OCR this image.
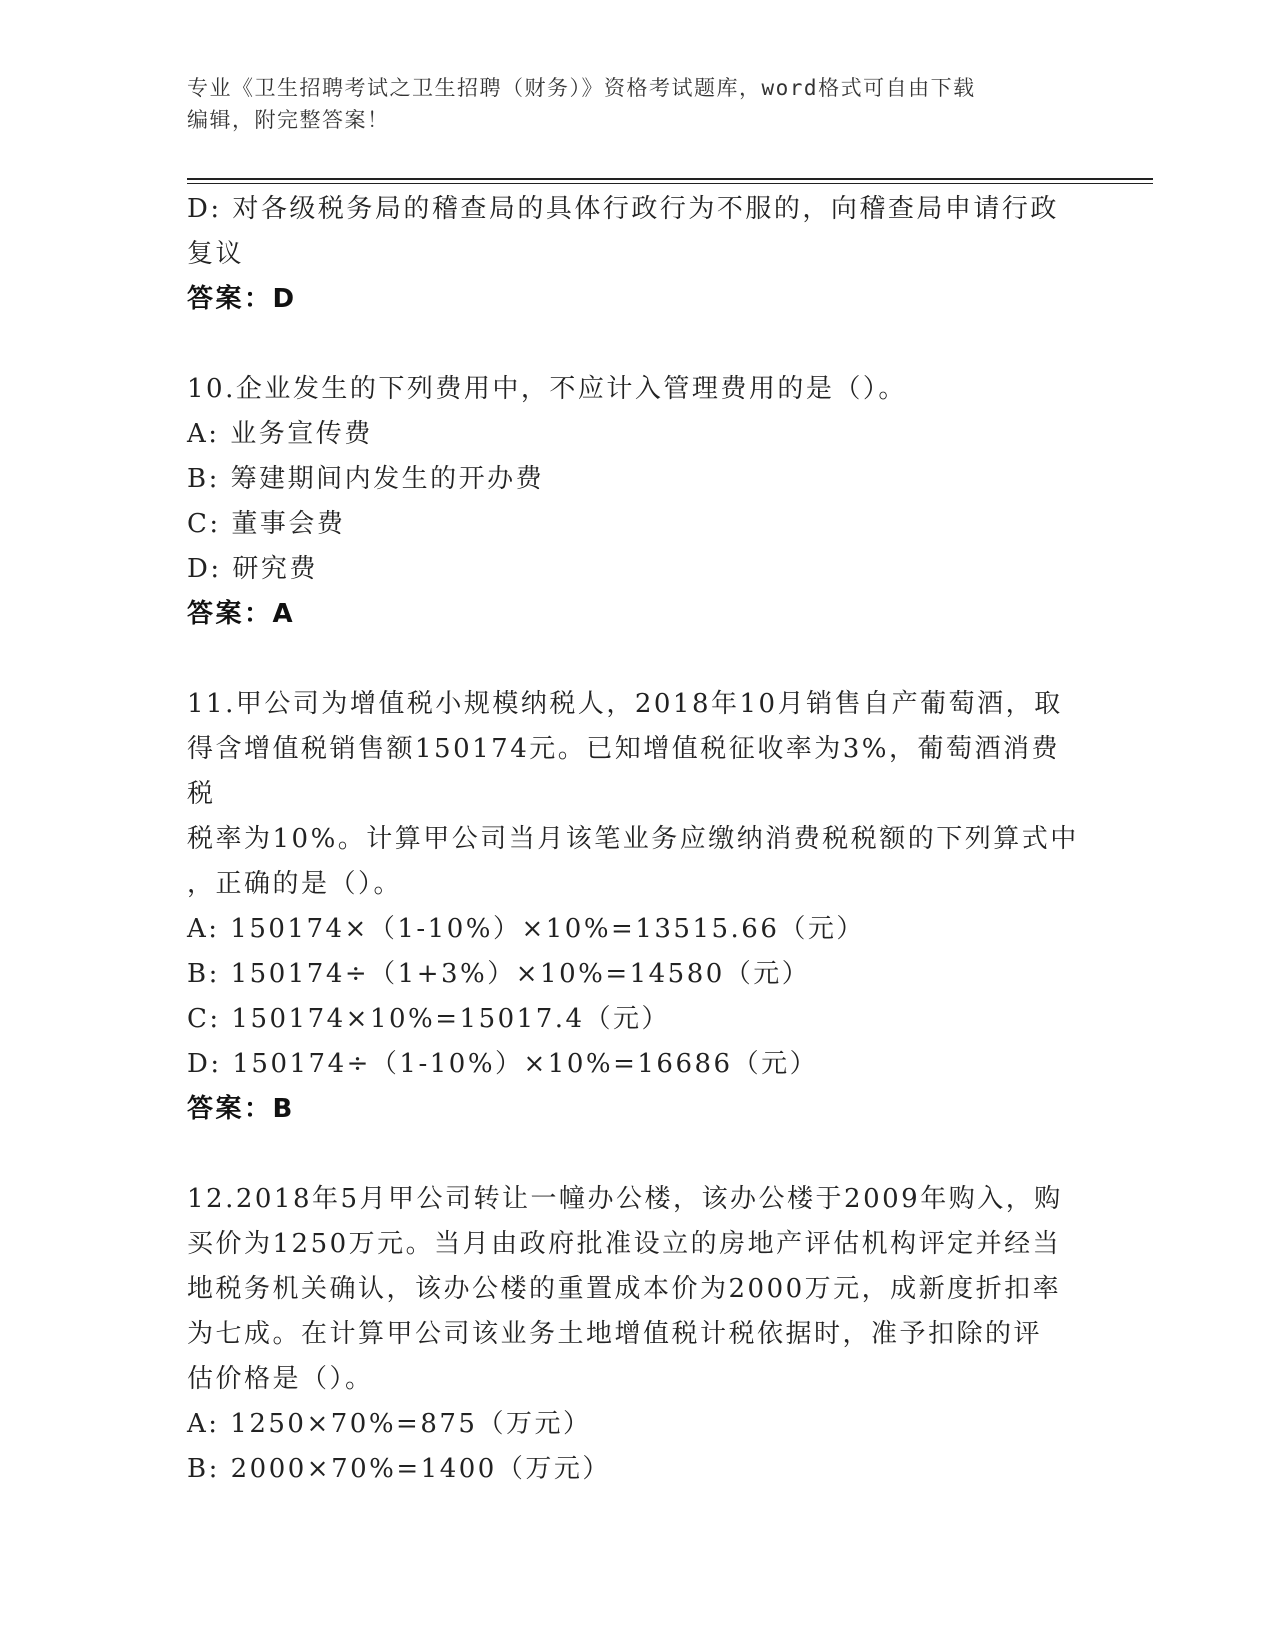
专业《卫生招聘考试之卫生招聘（财务）》资格考试题库，word格式可自由下载
编辑，附完整答案！

D: 对各级税务局的稽查局的具体行政行为不服的，向稽查局申请行政

复议

答案：D

10.企业发生的下列费用中，不应计入管理费用的是（）。

A: 业务宣传费

B: 筹建期间内发生的开办费

C: 董事会费

D: 研究费

答案：A

11.甲公司为增值税小规模纳税人，2018年10月销售自产葡萄酒，取

得含增值税销售额150174元。已知增值税征收率为3%，葡萄酒消费税

税率为10%。计算甲公司当月该笔业务应缴纳消费税税额的下列算式中

，正确的是（）。

A: 150174×（1-10%）×10%=13515.66（元）

B: 150174÷（1+3%）×10%=14580（元）

C: 150174×10%=15017.4（元）

D: 150174÷（1-10%）×10%=16686（元）

答案：B

12.2018年5月甲公司转让一幢办公楼，该办公楼于2009年购入，购

买价为1250万元。当月由政府批准设立的房地产评估机构评定并经当

地税务机关确认，该办公楼的重置成本价为2000万元，成新度折扣率

为七成。在计算甲公司该业务土地增值税计税依据时，准予扣除的评

估价格是（）。

A: 1250×70%=875（万元）

B: 2000×70%=1400（万元）
